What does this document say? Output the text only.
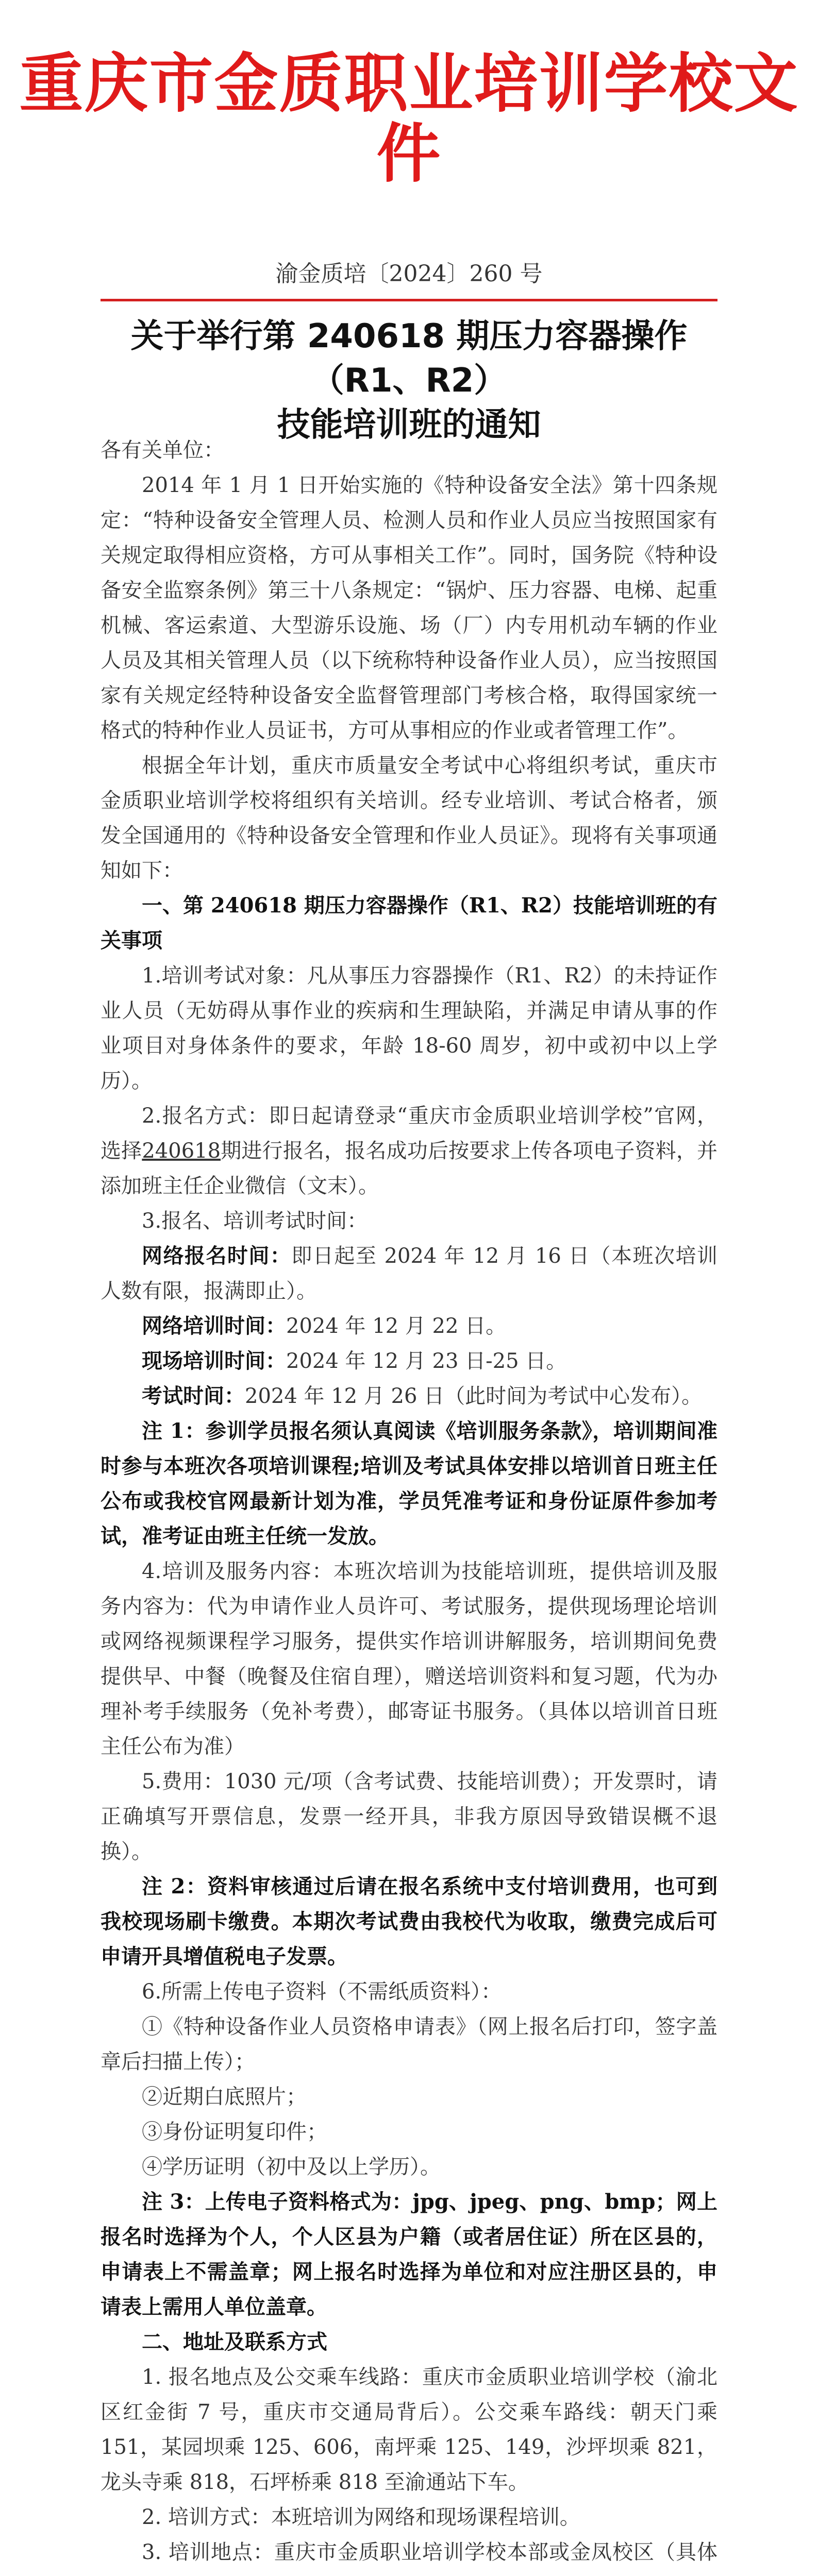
重庆市金质职业培训学校文件
渝金质培〔2024〕260 号
关于举行第 240618 期压力容器操作（R1、R2）
技能培训班的通知

各有关单位：

2014 年 1 月 1 日开始实施的《特种设备安全法》第十四条规定：“特种设备安全管理人员、检测人员和作业人员应当按照国家有关规定取得相应资格，方可从事相关工作”。同时，国务院《特种设备安全监察条例》第三十八条规定：“锅炉、压力容器、电梯、起重机械、客运索道、大型游乐设施、场（厂）内专用机动车辆的作业人员及其相关管理人员（以下统称特种设备作业人员），应当按照国家有关规定经特种设备安全监督管理部门考核合格，取得国家统一格式的特种作业人员证书，方可从事相应的作业或者管理工作”。

根据全年计划，重庆市质量安全考试中心将组织考试，重庆市金质职业培训学校将组织有关培训。经专业培训、考试合格者，颁发全国通用的《特种设备安全管理和作业人员证》。现将有关事项通知如下：

一、第 240618 期压力容器操作（R1、R2）技能培训班的有关事项

1.培训考试对象：凡从事压力容器操作（R1、R2）的未持证作业人员（无妨碍从事作业的疾病和生理缺陷，并满足申请从事的作业项目对身体条件的要求，年龄 18-60 周岁，初中或初中以上学历）。

2.报名方式：即日起请登录“重庆市金质职业培训学校”官网，选择240618期进行报名，报名成功后按要求上传各项电子资料，并添加班主任企业微信（文末）。

3.报名、培训考试时间：

网络报名时间：即日起至 2024 年 12 月 16 日（本班次培训人数有限，报满即止）。

网络培训时间：2024 年 12 月 22 日。

现场培训时间：2024 年 12 月 23 日-25 日。

考试时间：2024 年 12 月 26 日（此时间为考试中心发布）。

注 1：参训学员报名须认真阅读《培训服务条款》，培训期间准时参与本班次各项培训课程;培训及考试具体安排以培训首日班主任公布或我校官网最新计划为准，学员凭准考证和身份证原件参加考试，准考证由班主任统一发放。

4.培训及服务内容：本班次培训为技能培训班，提供培训及服务内容为：代为申请作业人员许可、考试服务，提供现场理论培训或网络视频课程学习服务，提供实作培训讲解服务，培训期间免费提供早、中餐（晚餐及住宿自理），赠送培训资料和复习题，代为办理补考手续服务（免补考费），邮寄证书服务。（具体以培训首日班主任公布为准）

5.费用：1030 元/项（含考试费、技能培训费）；开发票时，请正确填写开票信息，发票一经开具，非我方原因导致错误概不退换）。

注 2：资料审核通过后请在报名系统中支付培训费用，也可到我校现场刷卡缴费。本期次考试费由我校代为收取，缴费完成后可申请开具增值税电子发票。

6.所需上传电子资料（不需纸质资料）：

①《特种设备作业人员资格申请表》（网上报名后打印，签字盖章后扫描上传）；

②近期白底照片；

③身份证明复印件；

④学历证明（初中及以上学历）。

注 3：上传电子资料格式为：jpg、jpeg、png、bmp；网上报名时选择为个人，个人区县为户籍（或者居住证）所在区县的，申请表上不需盖章；网上报名时选择为单位和对应注册区县的，申请表上需用人单位盖章。

二、地址及联系方式

1. 报名地点及公交乘车线路：重庆市金质职业培训学校（渝北区红金街 7 号，重庆市交通局背后）。公交乘车路线：朝天门乘 151，某园坝乘 125、606，南坪乘 125、149，沙坪坝乘 821，龙头寺乘 818，石坪桥乘 818 至渝通站下车。

2. 培训方式：本班培训为网络和现场课程培训。

3. 培训地点：重庆市金质职业培训学校本部或金凤校区（具体
